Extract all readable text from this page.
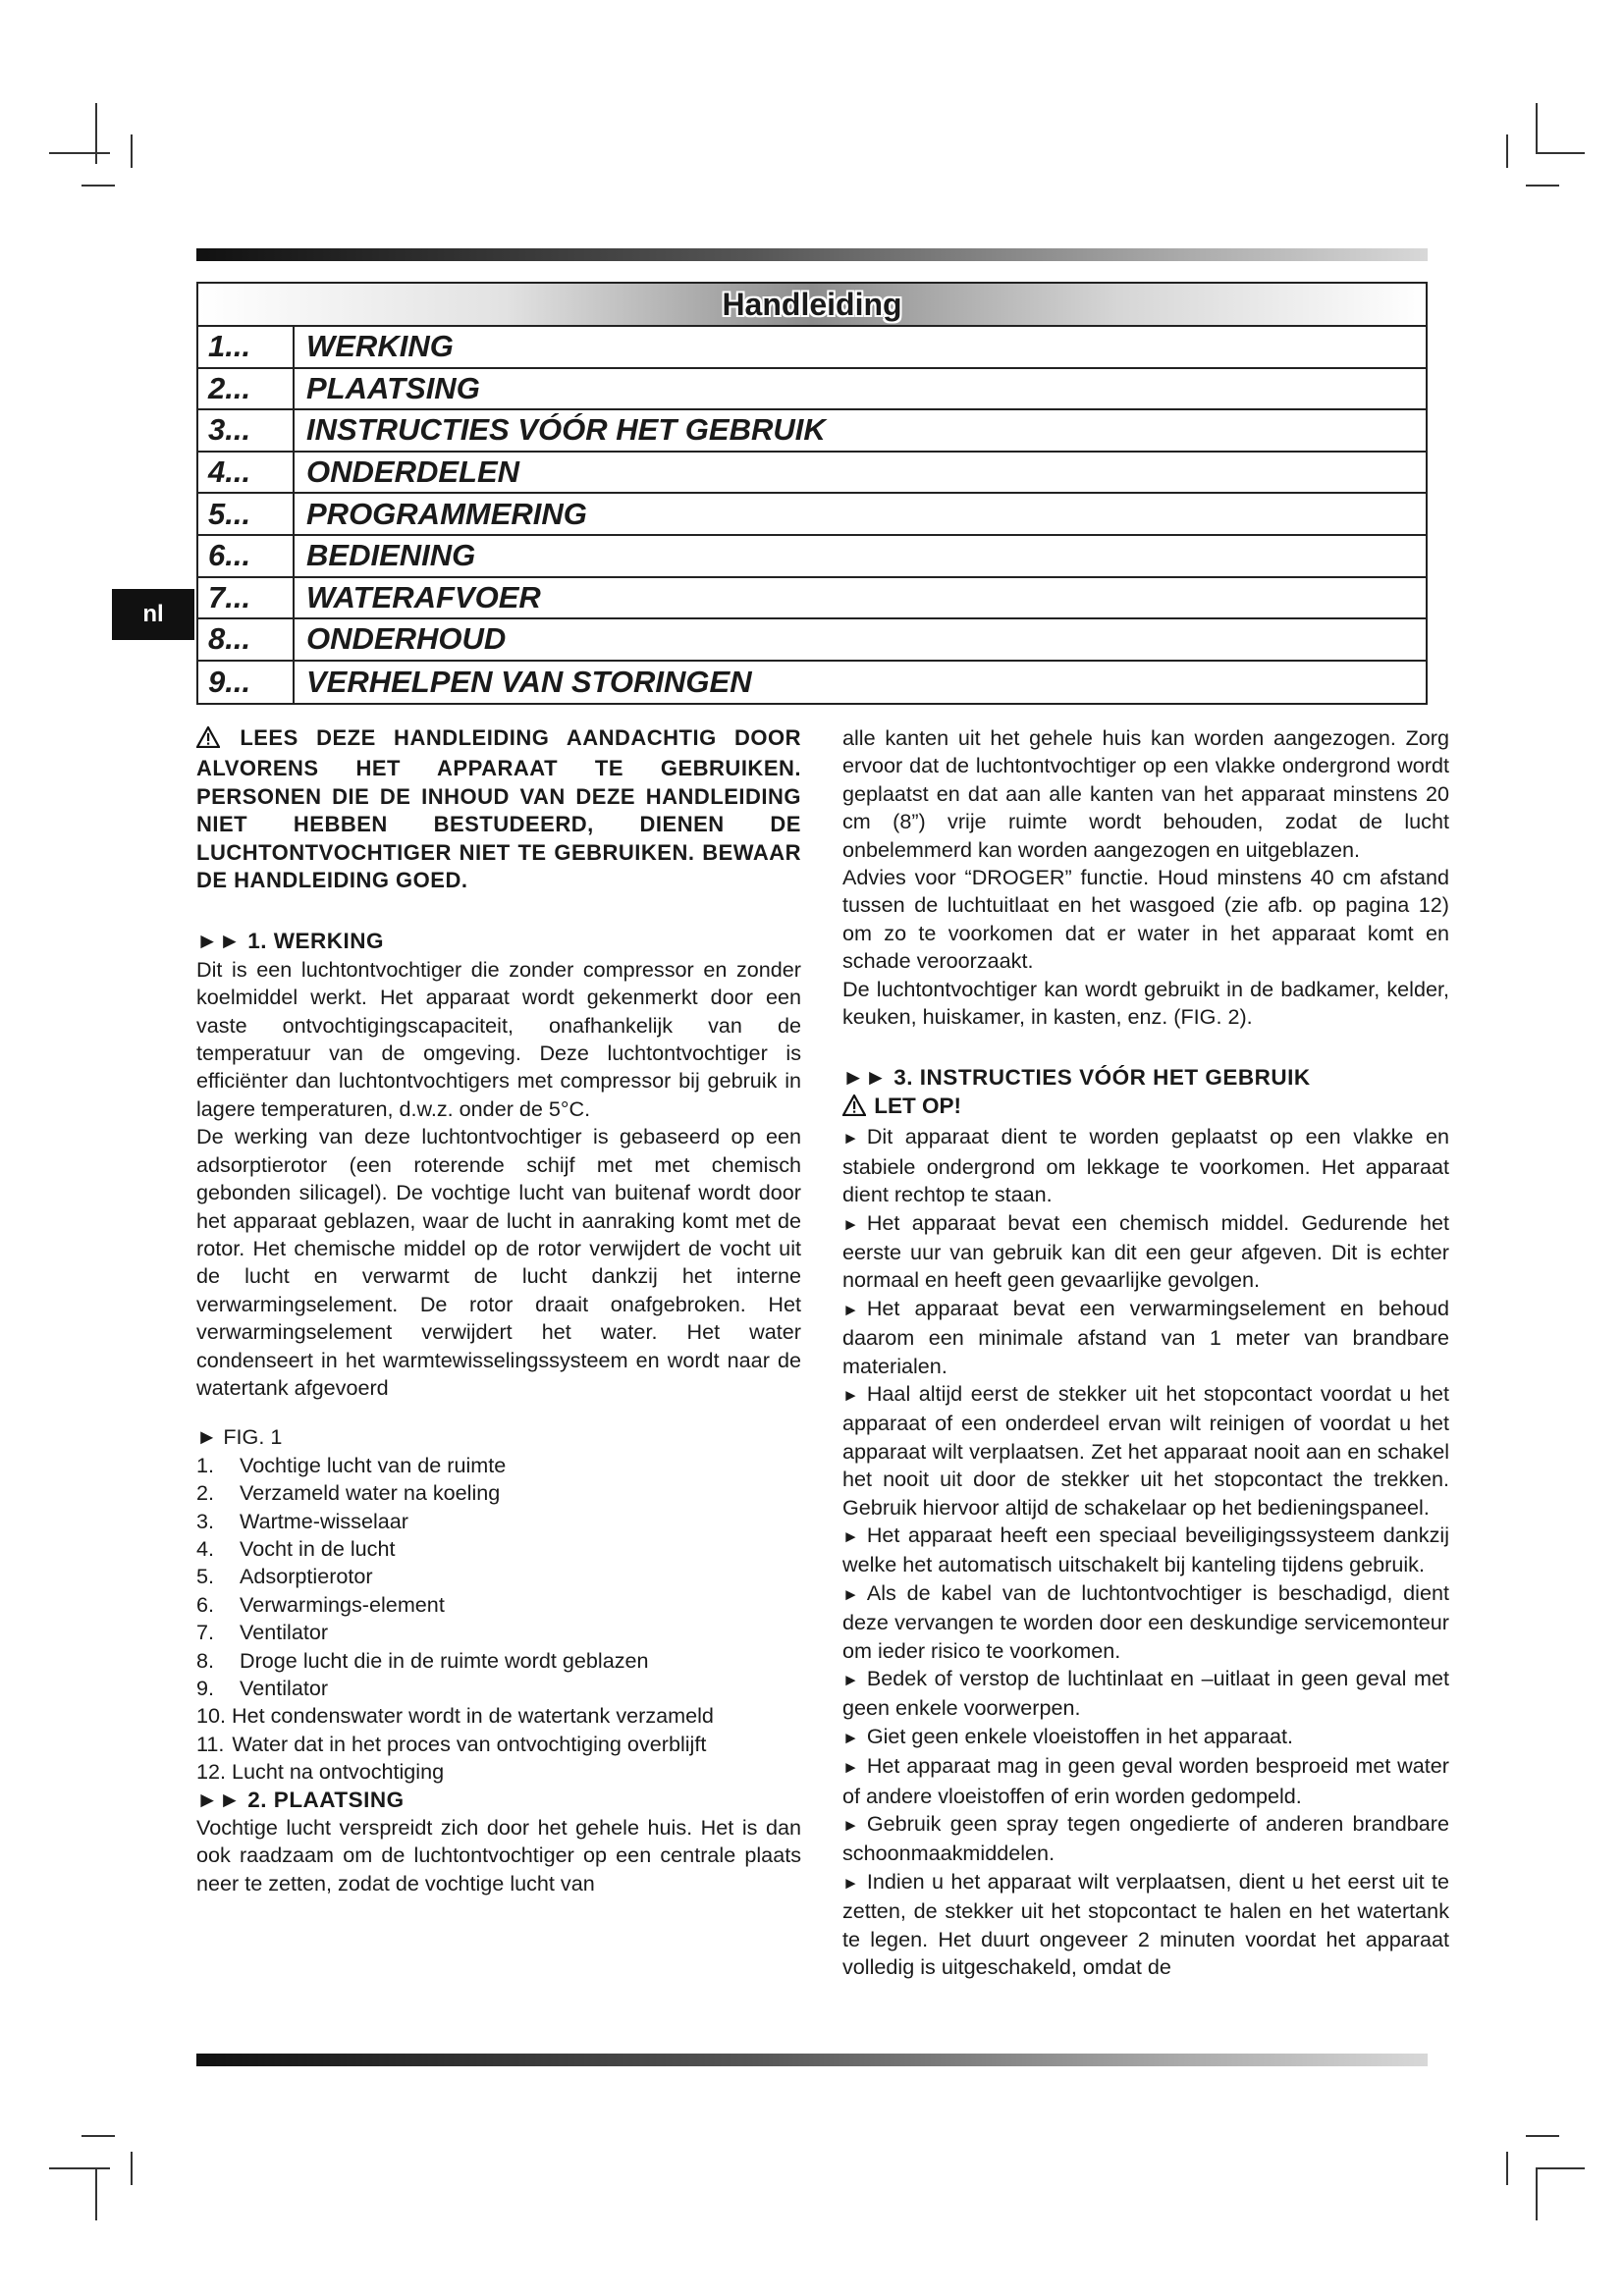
nl
Handleiding
1...	WERKING
2...	PLAATSING
3...	INSTRUCTIES VÓÓR HET GEBRUIK
4...	ONDERDELEN
5...	PROGRAMMERING
6...	BEDIENING
7...	WATERAFVOER
8...	ONDERHOUD
9...	VERHELPEN VAN STORINGEN

LEES DEZE HANDLEIDING AANDACHTIG DOOR ALVORENS HET APPARAAT TE GEBRUIKEN. PERSONEN DIE DE INHOUD VAN DEZE HANDLEIDING NIET HEBBEN BESTUDEERD, DIENEN DE LUCHTONTVOCHTIGER NIET TE GEBRUIKEN. BEWAAR DE HANDLEIDING GOED.

►► 1. WERKING

Dit is een luchtontvochtiger die zonder compressor en zonder koelmiddel werkt. Het apparaat wordt gekenmerkt door een vaste ontvochtigingscapaciteit, onafhankelijk van de temperatuur van de omgeving. Deze luchtontvochtiger is efficiënter dan luchtontvochtigers met compressor bij gebruik in lagere temperaturen, d.w.z. onder de 5°C.

De werking van deze luchtontvochtiger is gebaseerd op een adsorptierotor (een roterende schijf met met chemisch gebonden silicagel). De vochtige lucht van buitenaf wordt door het apparaat geblazen, waar de lucht in aanraking komt met de rotor. Het chemische middel op de rotor verwijdert de vocht uit de lucht en verwarmt de lucht dankzij het interne verwarmingselement. De rotor draait onafgebroken. Het verwarmingselement verwijdert het water. Het water condenseert in het warmtewisselingssysteem en wordt naar de watertank afgevoerd

► FIG. 1

1.	Vochtige lucht van de ruimte
2.	Verzameld water na koeling
3.	Wartme-wisselaar
4.	Vocht in de lucht
5.	Adsorptierotor
6.	Verwarmings-element
7.	Ventilator
8.	Droge lucht die in de ruimte wordt geblazen
9.	Ventilator
10. Het condenswater wordt in de watertank verzameld
11. Water dat in het proces van ontvochtiging overblijft
12. Lucht na ontvochtiging

►► 2. PLAATSING

Vochtige lucht verspreidt zich door het gehele huis. Het is dan ook raadzaam om de luchtontvochtiger op een centrale plaats neer te zetten, zodat de vochtige lucht van

alle kanten uit het gehele huis kan worden aangezogen. Zorg ervoor dat de luchtontvochtiger op een vlakke ondergrond wordt geplaatst en dat aan alle kanten van het apparaat minstens 20 cm (8”) vrije ruimte wordt behouden, zodat de lucht onbelemmerd kan worden aangezogen en uitgeblazen.

Advies voor “DROGER” functie. Houd minstens 40 cm afstand tussen de luchtuitlaat en het wasgoed (zie afb. op pagina 12) om zo te voorkomen dat er water in het apparaat komt en schade veroorzaakt.

De luchtontvochtiger kan wordt gebruikt in de badkamer, kelder, keuken, huiskamer, in kasten, enz. (FIG. 2).

►► 3. INSTRUCTIES VÓÓR HET GEBRUIK

LET OP!

► Dit apparaat dient te worden geplaatst op een vlakke en stabiele ondergrond om lekkage te voorkomen. Het apparaat dient rechtop te staan.

► Het apparaat bevat een chemisch middel. Gedurende het eerste uur van gebruik kan dit een geur afgeven. Dit is echter normaal en heeft geen gevaarlijke gevolgen.

► Het apparaat bevat een verwarmingselement en behoud daarom een minimale afstand van 1 meter van brandbare materialen.

► Haal altijd eerst de stekker uit het stopcontact voordat u het apparaat of een onderdeel ervan wilt reinigen of voordat u het apparaat wilt verplaatsen. Zet het apparaat nooit aan en schakel het nooit uit door de stekker uit het stopcontact the trekken. Gebruik hiervoor altijd de schakelaar op het bedieningspaneel.

► Het apparaat heeft een speciaal beveiligingssysteem dankzij welke het automatisch uitschakelt bij kanteling tijdens gebruik.

► Als de kabel van de luchtontvochtiger is beschadigd, dient deze vervangen te worden door een deskundige servicemonteur om ieder risico te voorkomen.

► Bedek of verstop de luchtinlaat en –uitlaat in geen geval met geen enkele voorwerpen.

► Giet geen enkele vloeistoffen in het apparaat.

► Het apparaat mag in geen geval worden besproeid met water of andere vloeistoffen of erin worden gedompeld.

► Gebruik geen spray tegen ongedierte of anderen brandbare schoonmaakmiddelen.

► Indien u het apparaat wilt verplaatsen, dient u het eerst uit te zetten, de stekker uit het stopcontact te halen en het watertank te legen. Het duurt ongeveer 2 minuten voordat het apparaat volledig is uitgeschakeld, omdat de
